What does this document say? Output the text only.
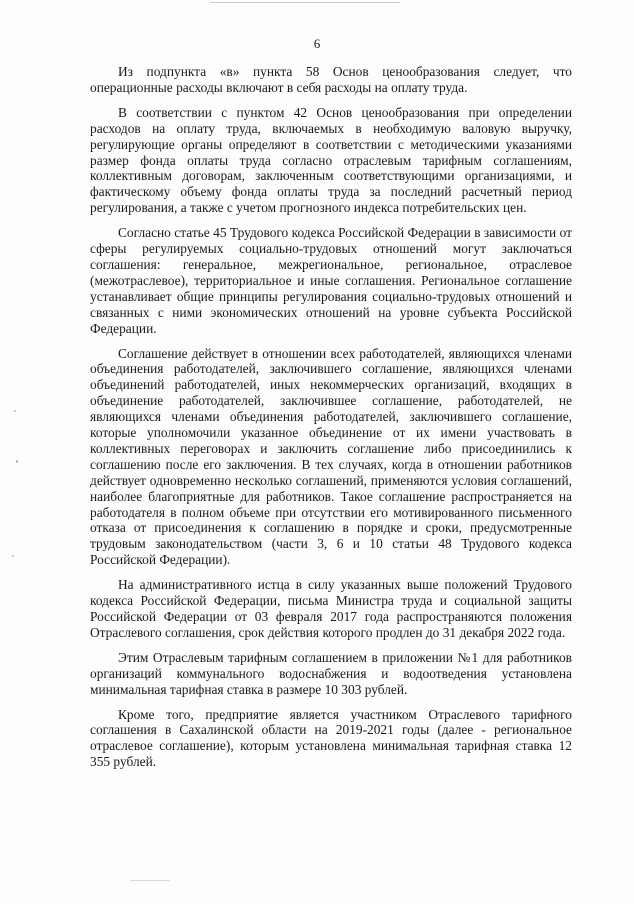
6

Из подпункта «в» пункта 58 Основ ценообразования следует, что операционные расходы включают в себя расходы на оплату труда.

В соответствии с пунктом 42 Основ ценообразования при определении расходов на оплату труда, включаемых в необходимую валовую выручку, регулирующие органы определяют в соответствии с методическими указаниями размер фонда оплаты труда согласно отраслевым тарифным соглашениям, коллективным договорам, заключенным соответствующими организациями, и фактическому объему фонда оплаты труда за последний расчетный период регулирования, а также с учетом прогнозного индекса потребительских цен.

Согласно статье 45 Трудового кодекса Российской Федерации в зависимости от сферы регулируемых социально-трудовых отношений могут заключаться соглашения: генеральное, межрегиональное, региональное, отраслевое (межотраслевое), территориальное и иные соглашения. Региональное соглашение устанавливает общие принципы регулирования социально-трудовых отношений и связанных с ними экономических отношений на уровне субъекта Российской Федерации.

Соглашение действует в отношении всех работодателей, являющихся членами объединения работодателей, заключившего соглашение, являющихся членами объединений работодателей, иных некоммерческих организаций, входящих в объединение работодателей, заключившее соглашение, работодателей, не являющихся членами объединения работодателей, заключившего соглашение, которые уполномочили указанное объединение от их имени участвовать в коллективных переговорах и заключить соглашение либо присоединились к соглашению после его заключения. В тех случаях, когда в отношении работников действует одновременно несколько соглашений, применяются условия соглашений, наиболее благоприятные для работников. Такое соглашение распространяется на работодателя в полном объеме при отсутствии его мотивированного письменного отказа от присоединения к соглашению в порядке и сроки, предусмотренные трудовым законодательством (части 3, 6 и 10 статьи 48 Трудового кодекса Российской Федерации).

На административного истца в силу указанных выше положений Трудового кодекса Российской Федерации, письма Министра труда и социальной защиты Российской Федерации от 03 февраля 2017 года распространяются положения Отраслевого соглашения, срок действия которого продлен до 31 декабря 2022 года.

Этим Отраслевым тарифным соглашением в приложении №1 для работников организаций коммунального водоснабжения и водоотведения установлена минимальная тарифная ставка в размере 10 303 рублей.

Кроме того, предприятие является участником Отраслевого тарифного соглашения в Сахалинской области на 2019-2021 годы (далее - региональное отраслевое соглашение), которым установлена минимальная тарифная ставка 12 355 рублей.
